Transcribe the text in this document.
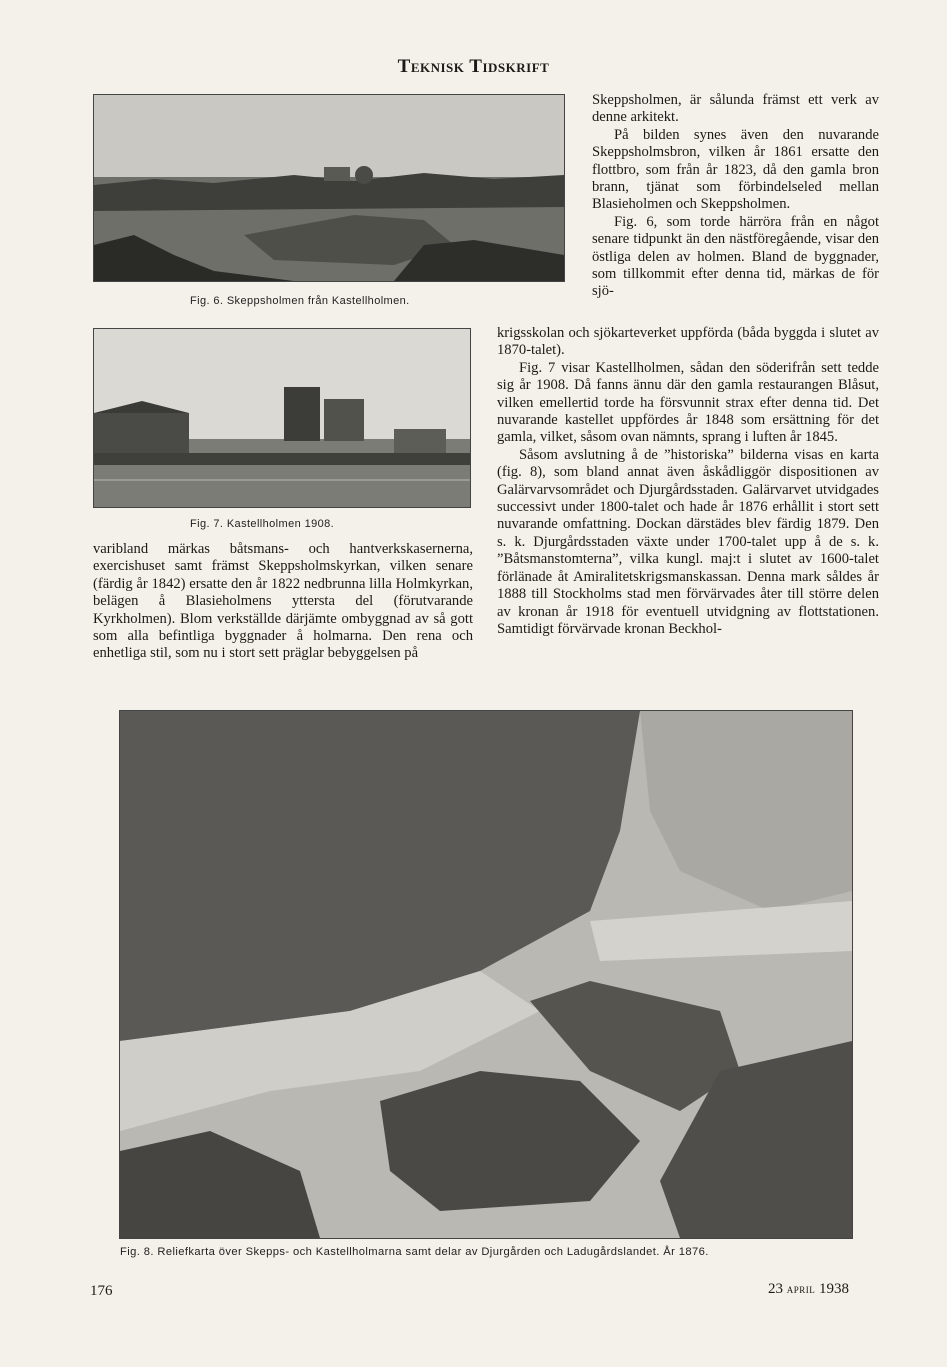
Teknisk Tidskrift
Fig. 6. Skeppsholmen från Kastellholmen.
Fig. 7. Kastellholmen 1908.

varibland märkas båtsmans- och hantverkskasernerna, exercishuset samt främst Skeppsholmskyrkan, vilken senare (färdig år 1842) ersatte den år 1822 nedbrunna lilla Holmkyrkan, belägen å Blasieholmens yttersta del (förutvarande Kyrkholmen). Blom verkställde därjämte ombyggnad av så gott som alla befintliga byggnader å holmarna. Den rena och enhetliga stil, som nu i stort sett präglar bebyggelsen på

Skeppsholmen, är sålunda främst ett verk av denne arkitekt.

På bilden synes även den nuvarande Skeppsholmsbron, vilken år 1861 ersatte den flottbro, som från år 1823, då den gamla bron brann, tjänat som förbindelseled mellan Blasieholmen och Skeppsholmen.

Fig. 6, som torde härröra från en något senare tidpunkt än den nästföregående, visar den östliga delen av holmen. Bland de byggnader, som tillkommit efter denna tid, märkas de för sjö-

krigsskolan och sjökarteverket uppförda (båda byggda i slutet av 1870-talet).

Fig. 7 visar Kastellholmen, sådan den söderifrån sett tedde sig år 1908. Då fanns ännu där den gamla restaurangen Blåsut, vilken emellertid torde ha försvunnit strax efter denna tid. Det nuvarande kastellet uppfördes år 1848 som ersättning för det gamla, vilket, såsom ovan nämnts, sprang i luften år 1845.

Såsom avslutning å de ”historiska” bilderna visas en karta (fig. 8), som bland annat även åskådliggör dispositionen av Galärvarvsområdet och Djurgårdsstaden. Galärvarvet utvidgades successivt under 1800-talet och hade år 1876 erhållit i stort sett nuvarande omfattning. Dockan därstädes blev färdig 1879. Den s. k. Djurgårdsstaden växte under 1700-talet upp å de s. k. ”Båtsmanstomterna”, vilka kungl. maj:t i slutet av 1600-talet förlänade åt Amiralitetskrigsmanskassan. Denna mark såldes år 1888 till Stockholms stad men förvärvades åter till större delen av kronan år 1918 för eventuell utvidgning av flottstationen. Samtidigt förvärvade kronan Beckhol-

Fig. 8. Reliefkarta över Skepps- och Kastellholmarna samt delar av Djurgården och Ladugårdslandet. År 1876.
176	23 april 1938
